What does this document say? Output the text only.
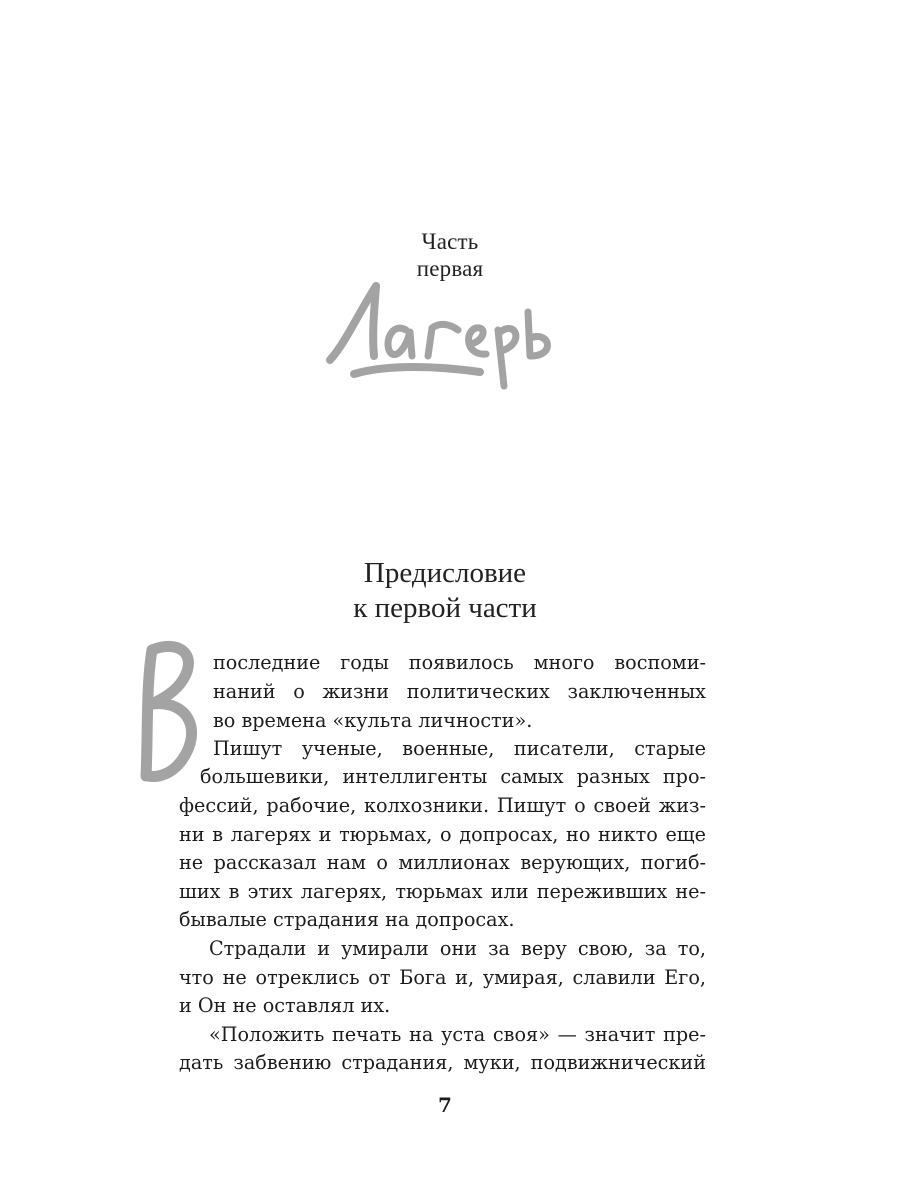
Часть
первая
Предисловие
к первой части
последние годы появилось много воспоми-
наний о жизни политических заключенных
во времена «культа личности».
Пишут ученые, военные, писатели, старые
большевики, интеллигенты самых разных про-
фессий, рабочие, колхозники. Пишут о своей жиз-
ни в лагерях и тюрьмах, о допросах, но никто еще
не рассказал нам о миллионах верующих, погиб-
ших в этих лагерях, тюрьмах или переживших не-
бывалые страдания на допросах.
Страдали и умирали они за веру свою, за то,
что не отреклись от Бога и, умирая, славили Его,
и Он не оставлял их.
«Положить печать на уста своя» — значит пре-
дать забвению страдания, муки, подвижнический
7
